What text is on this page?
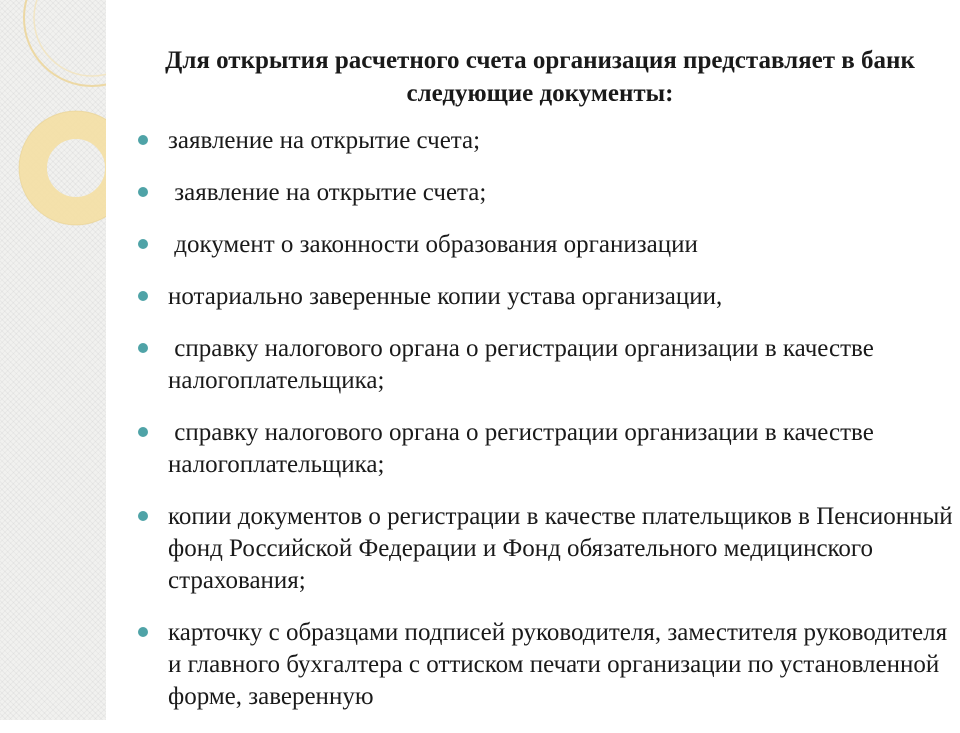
Для открытия расчетного счета организация представляет в банк
следующие документы:
заявление на открытие счета;
заявление на открытие счета;
документ о законности образования организации
нотариально заверенные копии устава организации,
справку налогового органа о регистрации организации в качестве налогоплательщика;
справку налогового органа о регистрации организации в качестве налогоплательщика;
копии документов о регистрации в качестве плательщиков в Пенсионный фонд Российской Федерации и Фонд обязательного медицинского страхования;
карточку с образцами подписей руководителя, заместителя руководителя и главного бухгалтера с оттиском печати организации по установленной форме, заверенную
